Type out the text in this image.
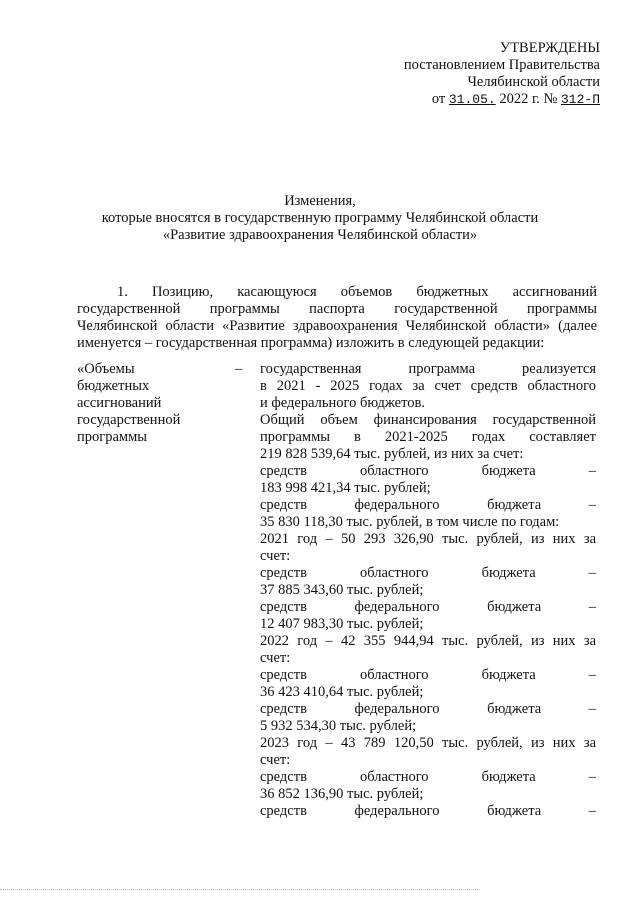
УТВЕРЖДЕНЫ
постановлением Правительства
Челябинской области
от 31.05. 2022 г. № 312-П
Изменения,
которые вносятся в государственную программу Челябинской области
«Развитие здравоохранения Челябинской области»
1. Позицию, касающуюся объемов бюджетных ассигнований
государственной программы паспорта государственной программы
Челябинской области «Развитие здравоохранения Челябинской области» (далее
именуется – государственная программа) изложить в следующей редакции:
«Объемы
бюджетных
ассигнований
государственной
программы
– государственная программа реализуется
в 2021 - 2025 годах за счет средств областного
и федерального бюджетов.
Общий объем финансирования государственной
программы в 2021-2025 годах составляет
219 828 539,64 тыс. рублей, из них за счет:
средств областного бюджета –
183 998 421,34 тыс. рублей;
средств федерального бюджета –
35 830 118,30 тыс. рублей, в том числе по годам:
2021 год – 50 293 326,90 тыс. рублей, из них за
счет:
средств областного бюджета –
37 885 343,60 тыс. рублей;
средств федерального бюджета –
12 407 983,30 тыс. рублей;
2022 год – 42 355 944,94 тыс. рублей, из них за
счет:
средств областного бюджета –
36 423 410,64 тыс. рублей;
средств федерального бюджета –
5 932 534,30 тыс. рублей;
2023 год – 43 789 120,50 тыс. рублей, из них за
счет:
средств областного бюджета –
36 852 136,90 тыс. рублей;
средств федерального бюджета –
